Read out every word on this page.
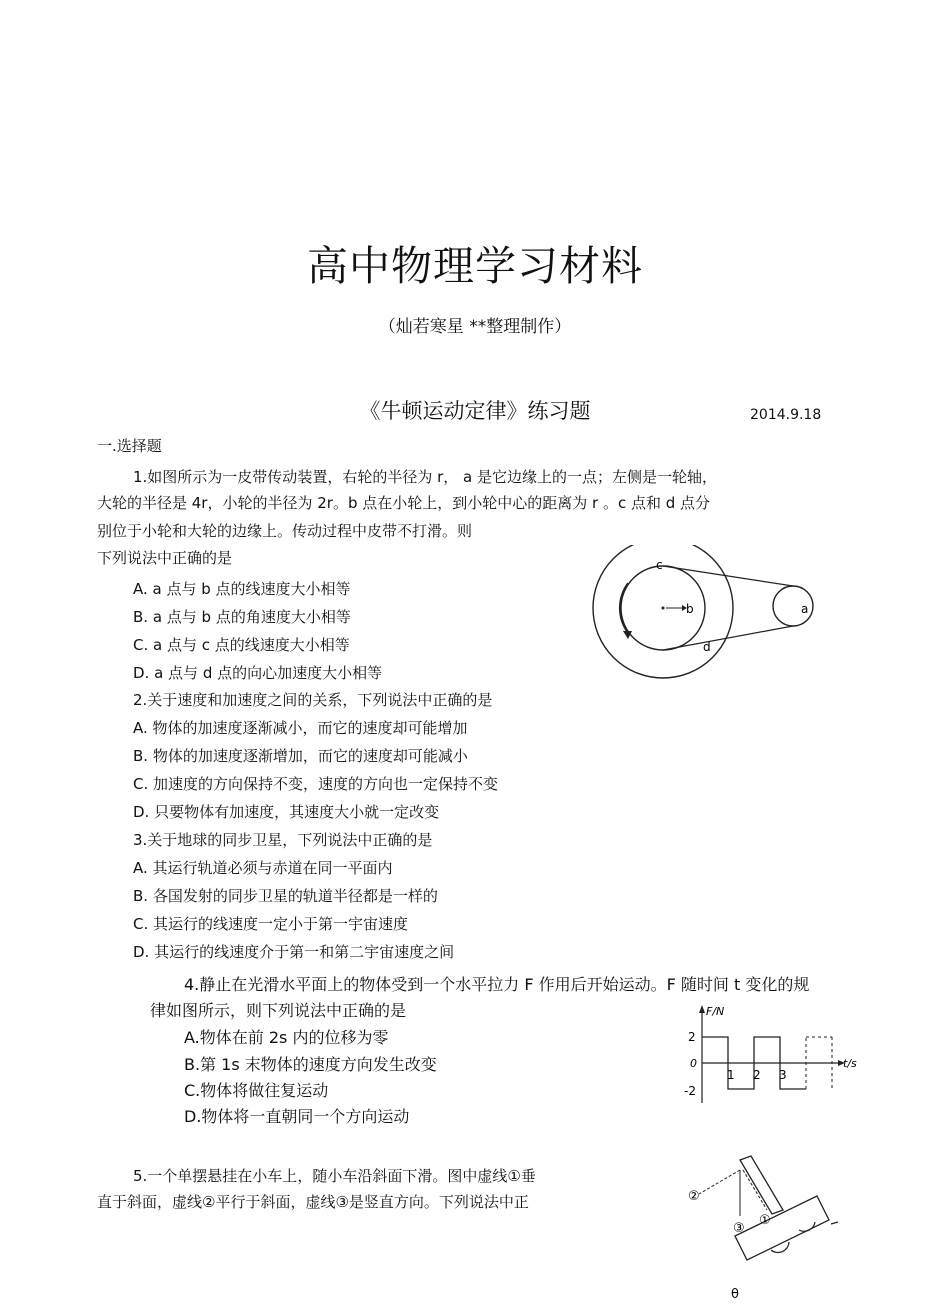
高中物理学习材料
（灿若寒星 **整理制作）
《牛顿运动定律》练习题	2014.9.18
一.选择题
1.如图所示为一皮带传动装置，右轮的半径为 r， a 是它边缘上的一点；左侧是一轮轴，
大轮的半径是 4r，小轮的半径为 2r。b 点在小轮上，到小轮中心的距离为 r 。c 点和 d 点分
别位于小轮和大轮的边缘上。传动过程中皮带不打滑。则
下列说法中正确的是
A. a 点与 b 点的线速度大小相等
B. a 点与 b 点的角速度大小相等
C. a 点与 c 点的线速度大小相等
D. a 点与 d 点的向心加速度大小相等
c
b	a
d
2.关于速度和加速度之间的关系，下列说法中正确的是
A. 物体的加速度逐渐减小，而它的速度却可能增加
B. 物体的加速度逐渐增加，而它的速度却可能减小
C. 加速度的方向保持不变，速度的方向也一定保持不变
D. 只要物体有加速度，其速度大小就一定改变
3.关于地球的同步卫星，下列说法中正确的是
A. 其运行轨道必须与赤道在同一平面内
B. 各国发射的同步卫星的轨道半径都是一样的
C. 其运行的线速度一定小于第一宇宙速度
D. 其运行的线速度介于第一和第二宇宙速度之间
4.静止在光滑水平面上的物体受到一个水平拉力 F 作用后开始运动。F 随时间 t 变化的规
律如图所示，则下列说法中正确的是
A.物体在前 2s 内的位移为零
B.第 1s 末物体的速度方向发生改变
C.物体将做往复运动
D.物体将一直朝同一个方向运动
F/N
t/s
2
0
-2
1 2 3
5.一个单摆悬挂在小车上，随小车沿斜面下滑。图中虚线①垂
直于斜面，虚线②平行于斜面，虚线③是竖直方向。下列说法中正	②
③
①
θ
